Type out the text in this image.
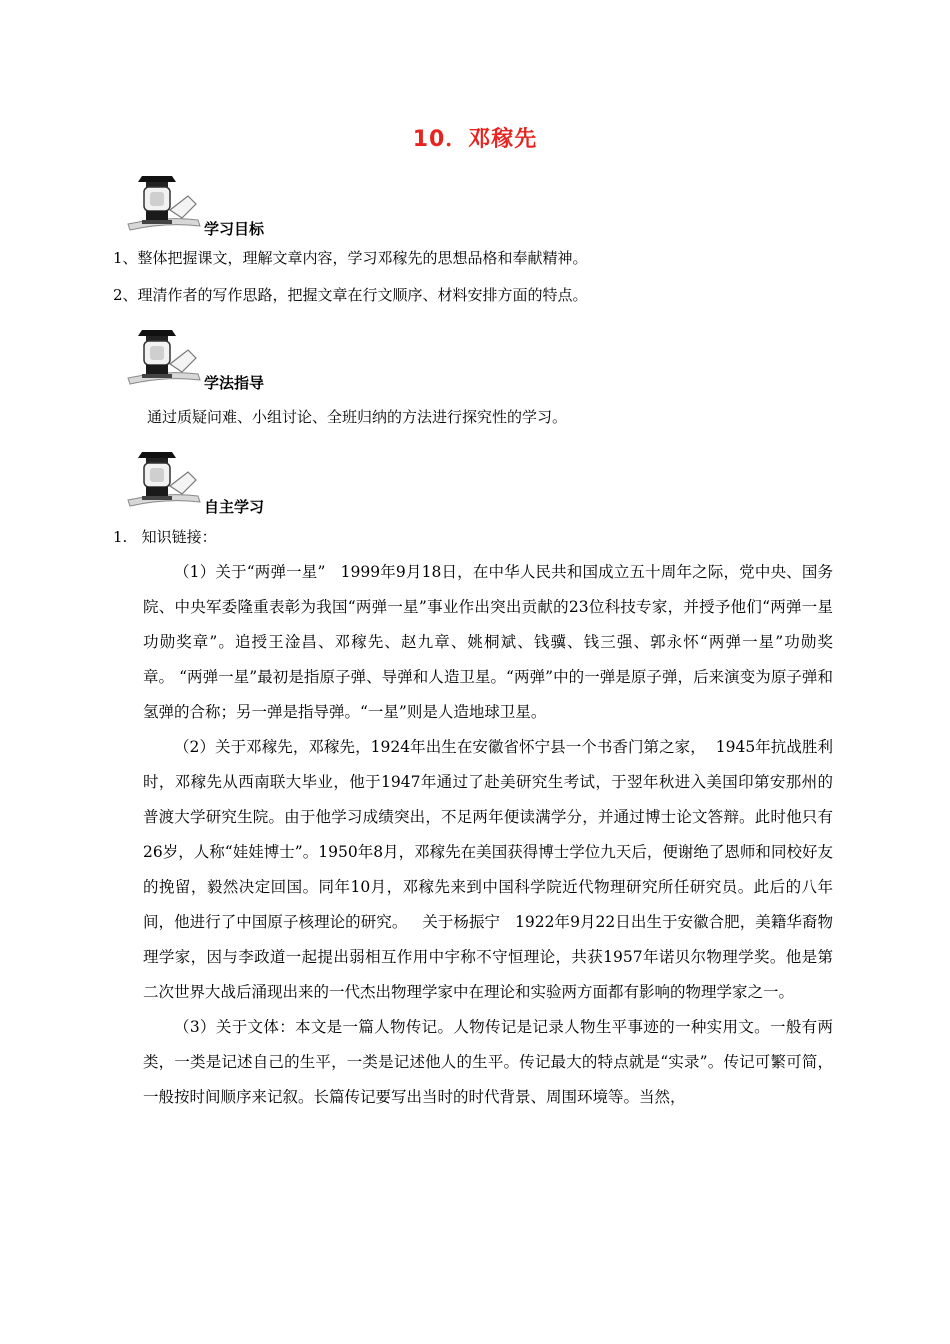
10．邓稼先
学习目标
1、整体把握课文，理解文章内容，学习邓稼先的思想品格和奉献精神。
2、理清作者的写作思路，把握文章在行文顺序、材料安排方面的特点。
学法指导
通过质疑问难、小组讨论、全班归纳的方法进行探究性的学习。
自主学习
1.   知识链接：

（1）关于“两弹一星”   1999年9月18日，在中华人民共和国成立五十周年之际，党中央、国务院、中央军委隆重表彰为我国“两弹一星”事业作出突出贡献的23位科技专家，并授予他们“两弹一星功勋奖章”。追授王淦昌、邓稼先、赵九章、姚桐斌、钱骥、钱三强、郭永怀“两弹一星”功勋奖章。 “两弹一星”最初是指原子弹、导弹和人造卫星。“两弹”中的一弹是原子弹，后来演变为原子弹和氢弹的合称；另一弹是指导弹。“一星”则是人造地球卫星。

（2）关于邓稼先，邓稼先，1924年出生在安徽省怀宁县一个书香门第之家，  1945年抗战胜利时，邓稼先从西南联大毕业，他于1947年通过了赴美研究生考试，于翌年秋进入美国印第安那州的普渡大学研究生院。由于他学习成绩突出，不足两年便读满学分，并通过博士论文答辩。此时他只有26岁，人称“娃娃博士”。1950年8月，邓稼先在美国获得博士学位九天后，便谢绝了恩师和同校好友的挽留，毅然决定回国。同年10月，邓稼先来到中国科学院近代物理研究所任研究员。此后的八年间，他进行了中国原子核理论的研究。   关于杨振宁   1922年9月22日出生于安徽合肥，美籍华裔物理学家，因与李政道一起提出弱相互作用中宇称不守恒理论，共获1957年诺贝尔物理学奖。他是第二次世界大战后涌现出来的一代杰出物理学家中在理论和实验两方面都有影响的物理学家之一。

（3）关于文体：本文是一篇人物传记。人物传记是记录人物生平事迹的一种实用文。一般有两类，一类是记述自己的生平，一类是记述他人的生平。传记最大的特点就是“实录”。传记可繁可简，一般按时间顺序来记叙。长篇传记要写出当时的时代背景、周围环境等。当然，
